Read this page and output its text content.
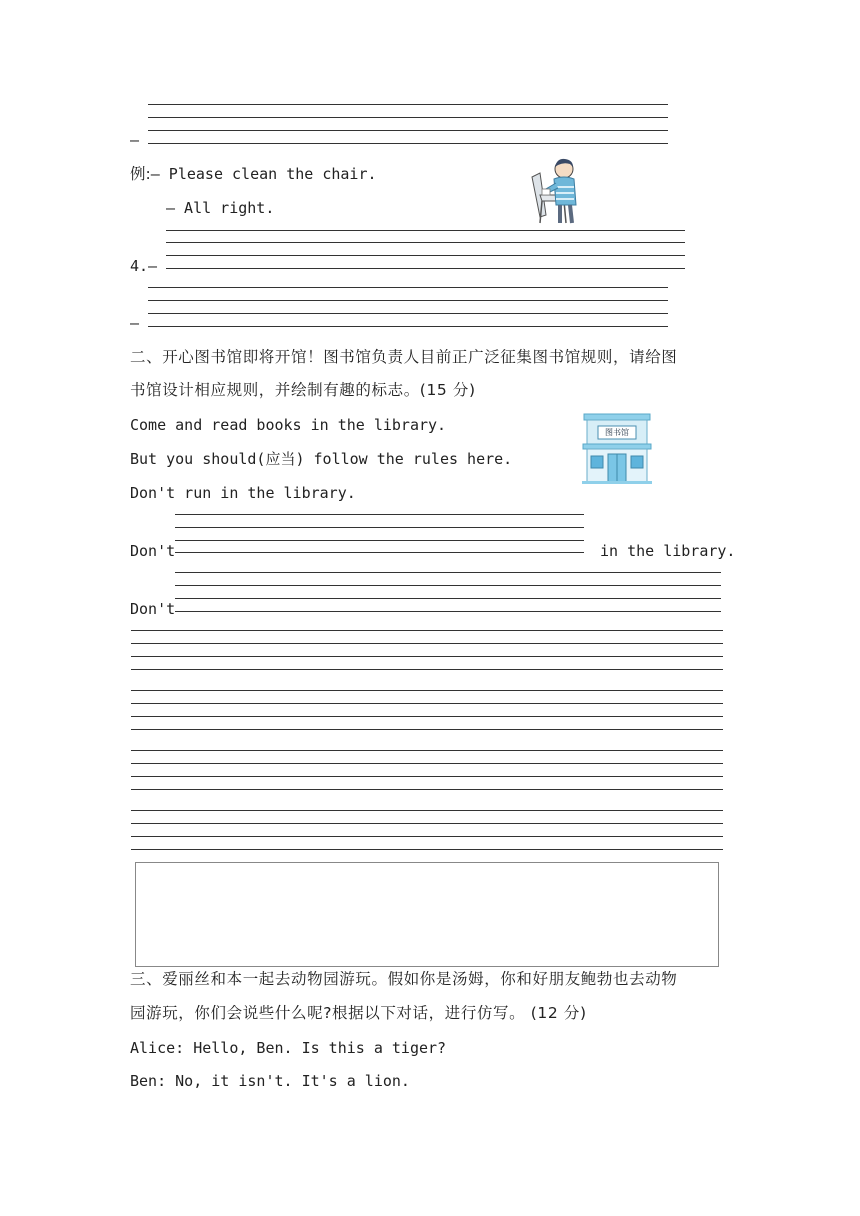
—
例:— Please clean the chair.
— All right.
4.—
—
二、开心图书馆即将开馆！图书馆负责人目前正广泛征集图书馆规则，请给图
书馆设计相应规则，并绘制有趣的标志。(15 分)
Come and read books in the library.
But you should(应当) follow the rules here.
Don't run in the library.
图书馆
Don't	in the library.
Don't
三、爱丽丝和本一起去动物园游玩。假如你是汤姆，你和好朋友鲍勃也去动物
园游玩，你们会说些什么呢?根据以下对话，进行仿写。 (12 分)
Alice: Hello, Ben. Is this a tiger?
Ben: No, it isn't. It's a lion.
